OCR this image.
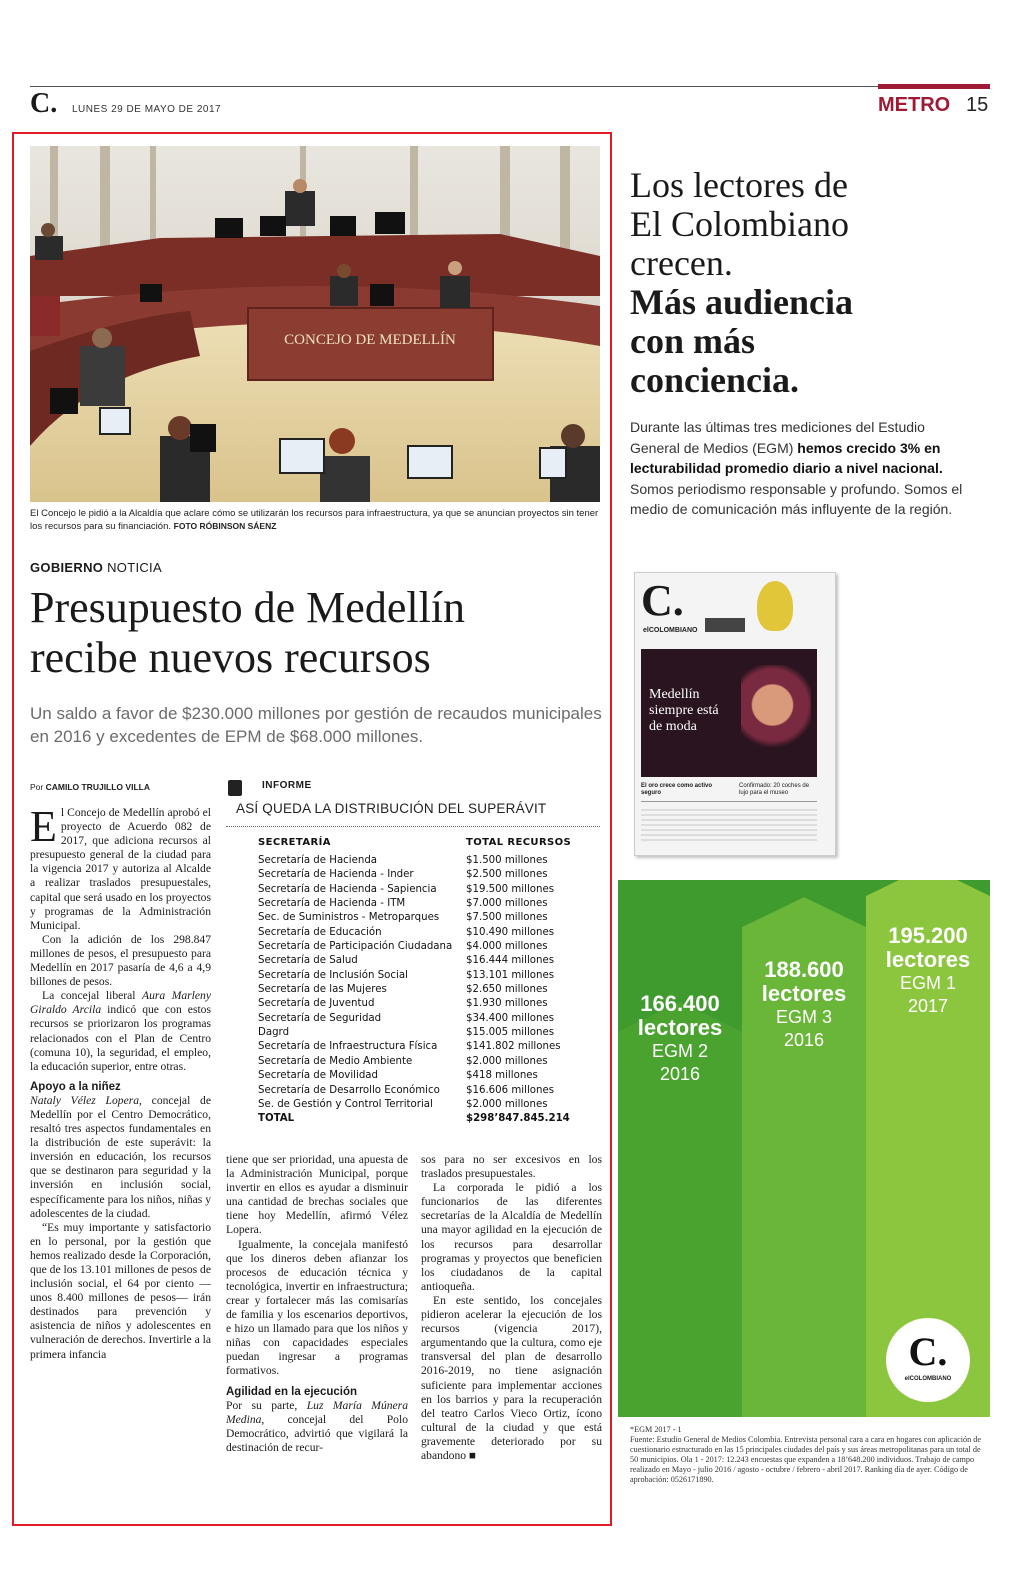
C. LUNES 29 DE MAYO DE 2017	METRO 15
CONCEJO DE MEDELLÍN
El Concejo le pidió a la Alcaldía que aclare cómo se utilizarán los recursos para infraestructura, ya que se anuncian proyectos sin tener los recursos para su financiación. FOTO RÓBINSON SÁENZ
GOBIERNO NOTICIA
Presupuesto de Medellín
recibe nuevos recursos
Un saldo a favor de $230.000 millones por gestión de recaudos municipales en 2016 y excedentes de EPM de $68.000 millones.
Por CAMILO TRUJILLO VILLA

El Concejo de Medellín aprobó el proyecto de Acuerdo 082 de 2017, que adiciona recursos al presupuesto general de la ciudad para la vigencia 2017 y autoriza al Alcalde a realizar traslados presupuestales, capital que será usado en los proyectos y programas de la Administración Municipal.

Con la adición de los 298.847 millones de pesos, el presupuesto para Medellín en 2017 pasaría de 4,6 a 4,9 billones de pesos.

La concejal liberal Aura Marleny Giraldo Arcila indicó que con estos recursos se priorizaron los programas relacionados con el Plan de Centro (comuna 10), la seguridad, el empleo, la educación superior, entre otras.

Apoyo a la niñez

Nataly Vélez Lopera, concejal de Medellín por el Centro Democrático, resaltó tres aspectos fundamentales en la distribución de este superávit: la inversión en educación, los recursos que se destinaron para seguridad y la inversión en inclusión social, específicamente para los niños, niñas y adolescentes de la ciudad.

“Es muy importante y satisfactorio en lo personal, por la gestión que hemos realizado desde la Corporación, que de los 13.101 millones de pesos de inclusión social, el 64 por ciento —unos 8.400 millones de pesos— irán destinados para prevención y asistencia de niños y adolescentes en vulneración de derechos. Invertirle a la primera infancia

INFORME
ASÍ QUEDA LA DISTRIBUCIÓN DEL SUPERÁVIT
SECRETARÍA	TOTAL RECURSOS
Secretaría de Hacienda	$1.500 millones
Secretaría de Hacienda - Inder	$2.500 millones
Secretaría de Hacienda - Sapiencia	$19.500 millones
Secretaría de Hacienda - ITM	$7.000 millones
Sec. de Suministros - Metroparques	$7.500 millones
Secretaría de Educación	$10.490 millones
Secretaría de Participación Ciudadana	$4.000 millones
Secretaría de Salud	$16.444 millones
Secretaría de Inclusión Social	$13.101 millones
Secretaría de las Mujeres	$2.650 millones
Secretaría de Juventud	$1.930 millones
Secretaría de Seguridad	$34.400 millones
Dagrd	$15.005 millones
Secretaría de Infraestructura Física	$141.802 millones
Secretaría de Medio Ambiente	$2.000 millones
Secretaría de Movilidad	$418 millones
Secretaría de Desarrollo Económico	$16.606 millones
Se. de Gestión y Control Territorial	$2.000 millones
TOTAL	$298’847.845.214

tiene que ser prioridad, una apuesta de la Administración Municipal, porque invertir en ellos es ayudar a disminuir una cantidad de brechas sociales que tiene hoy Medellín, afirmó Vélez Lopera.

Igualmente, la concejala manifestó que los dineros deben afianzar los procesos de educación técnica y tecnológica, invertir en infraestructura; crear y fortalecer más las comisarías de familia y los escenarios deportivos, e hizo un llamado para que los niños y niñas con capacidades especiales puedan ingresar a programas formativos.

Agilidad en la ejecución

Por su parte, Luz María Múnera Medina, concejal del Polo Democrático, advirtió que vigilará la destinación de recur-

sos para no ser excesivos en los traslados presupuestales.

La corporada le pidió a los funcionarios de las diferentes secretarías de la Alcaldía de Medellín una mayor agilidad en la ejecución de los recursos para desarrollar programas y proyectos que beneficien los ciudadanos de la capital antioqueña.

En este sentido, los concejales pidieron acelerar la ejecución de los recursos (vigencia 2017), argumentando que la cultura, como eje transversal del plan de desarrollo 2016-2019, no tiene asignación suficiente para implementar acciones en los barrios y para la recuperación del teatro Carlos Vieco Ortiz, ícono cultural de la ciudad y que está gravemente deteriorado por su abandono ■

Los lectores de
El Colombiano
crecen.
Más audiencia
con más
conciencia.
Durante las últimas tres mediciones del Estudio General de Medios (EGM) hemos crecido 3% en lecturabilidad promedio diario a nivel nacional. Somos periodismo responsable y profundo. Somos el medio de comunicación más influyente de la región.
C.
elCOLOMBIANO
Medellín
siempre está
de moda
El oro crece como activo seguro
Confirmado: 20 coches de lujo para el museo
166.400
lectores
EGM 2
2016
188.600
lectores
EGM 3
2016
195.200
lectores
EGM 1
2017
C.
elCOLOMBIANO
*EGM 2017 - 1
Fuente: Estudio General de Medios Colombia. Entrevista personal cara a cara en hogares con aplicación de cuestionario estructurado en las 15 principales ciudades del país y sus áreas metropolitanas para un total de 50 municipios. Ola 1 - 2017: 12.243 encuestas que expanden a 18’648.200 individuos. Trabajo de campo realizado en Mayo - julio 2016 / agosto - octubre / febrero - abril 2017. Ranking día de ayer. Código de aprobación: 0526171890.
